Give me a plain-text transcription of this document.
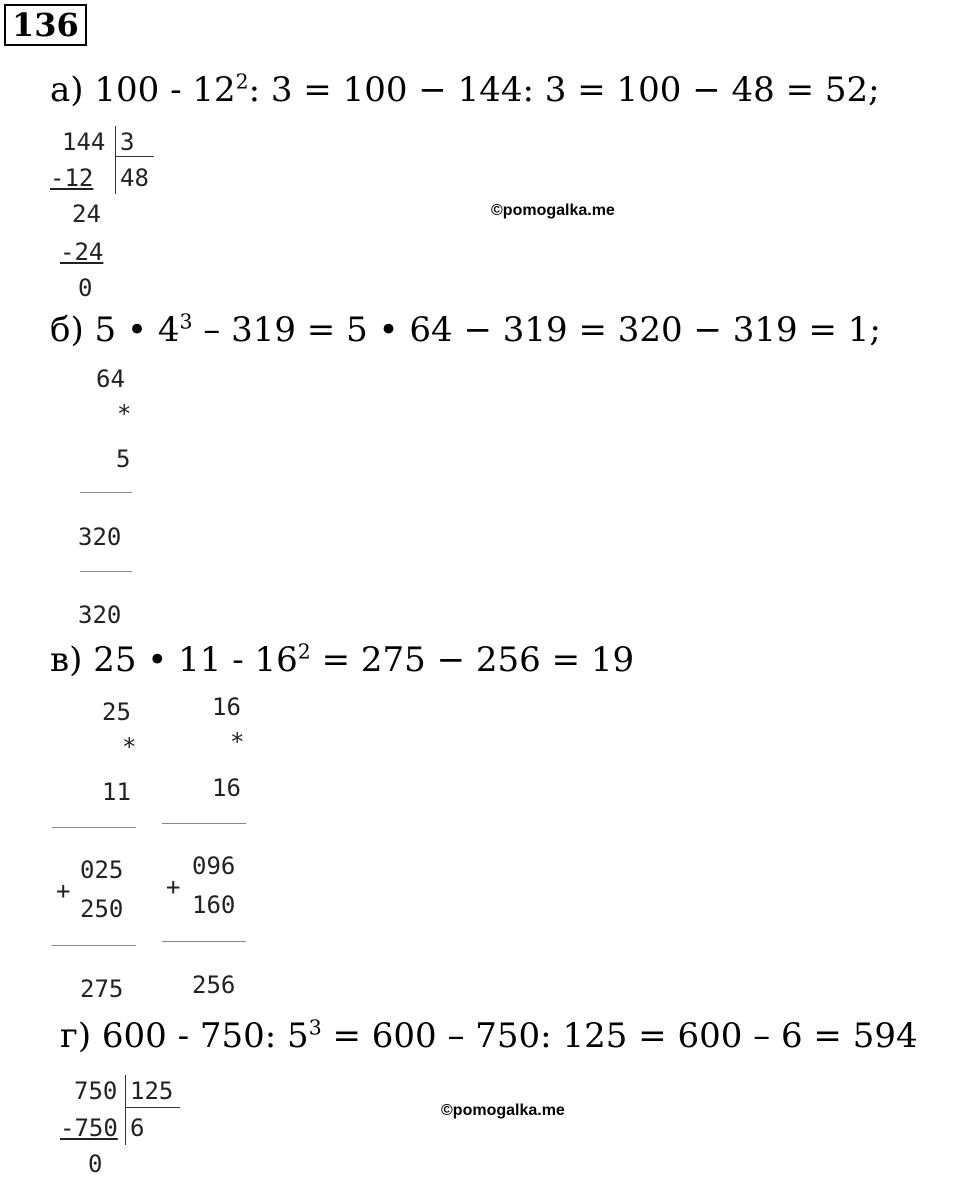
136
а) $100 - 12^2$: 3 = 100 − 144: 3 = 100 − 48 = 52;
144 3
-12 48
24
-24
0
©pomogalka.me
б) 5 • $4^3 - 319 = 5$ • 64 − 319 = 320 − 319 = 1;
64
*
5
320
320
в) 25 • $11 - 16^2 = 275 - 256 = 19$
25
*
11
025
+
250
275
16
*
16
096
+
160
256
г) 600 - 750: $5^3 = 600 - 750$: 125 = 600 – 6 = 594
750 125
-750 6
0
©pomogalka.me
